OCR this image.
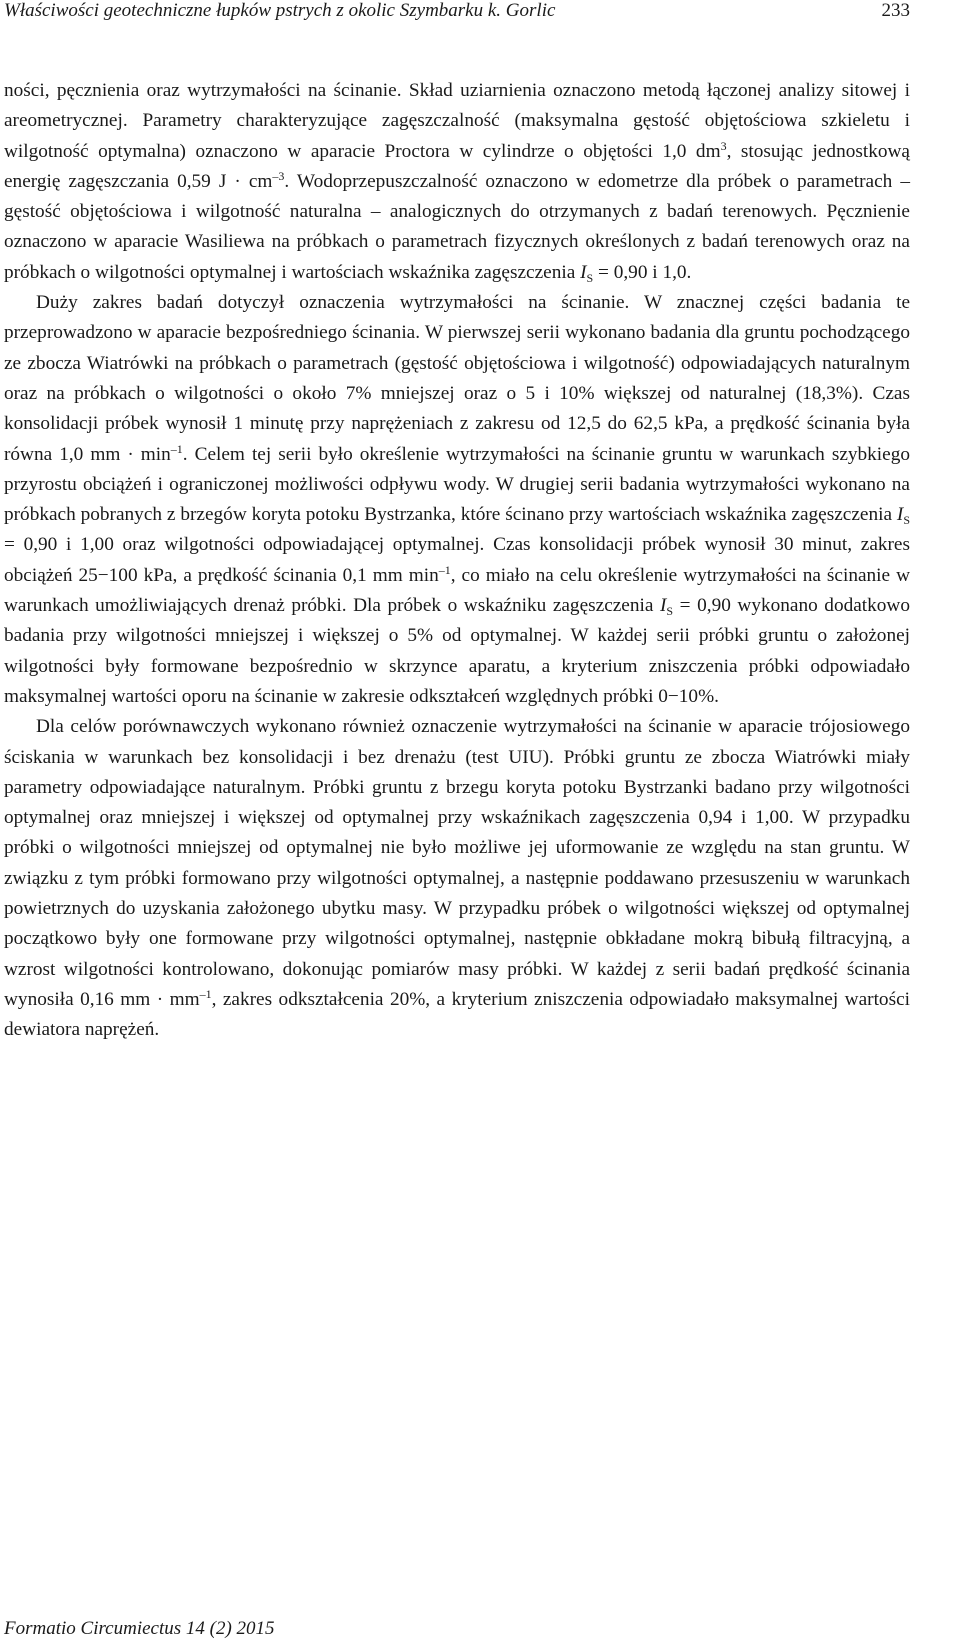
Właściwości geotechniczne łupków pstrych z okolic Szymbarku k. Gorlic	233

ności, pęcznienia oraz wytrzymałości na ścinanie. Skład uziarnienia oznaczono metodą łączonej analizy sitowej i areometrycznej. Parametry charakteryzujące zagęszczalność (maksymalna gęstość objętościowa szkieletu i wilgotność optymalna) oznaczono w aparacie Proctora w cylindrze o objętości 1,0 $dm^3$, stosując jednostkową energię zagęszczania 0,59 $J \cdot cm^{-3}$. Wodoprzepuszczalność oznaczono w edometrze dla próbek o parametrach – gęstość objętościowa i wilgotność naturalna – analogicznych do otrzymanych z badań terenowych. Pęcznienie oznaczono w aparacie Wasiliewa na próbkach o parametrach fizycznych określonych z badań terenowych oraz na próbkach o wilgotności optymalnej i wartościach wskaźnika zagęszczenia $I_S = 0,90$ i 1,0.

Duży zakres badań dotyczył oznaczenia wytrzymałości na ścinanie. W znacznej części badania te przeprowadzono w aparacie bezpośredniego ścinania. W pierwszej serii wykonano badania dla gruntu pochodzącego ze zbocza Wiatrówki na próbkach o parametrach (gęstość objętościowa i wilgotność) odpowiadających naturalnym oraz na próbkach o wilgotności o około 7% mniejszej oraz o 5 i 10% większej od naturalnej (18,3%). Czas konsolidacji próbek wynosił 1 minutę przy naprężeniach z zakresu od 12,5 do 62,5 kPa, a prędkość ścinania była równa 1,0 mm · $\min^{-1}$. Celem tej serii było określenie wytrzymałości na ścinanie gruntu w warunkach szybkiego przyrostu obciążeń i ograniczonej możliwości odpływu wody. W drugiej serii badania wytrzymałości wykonano na próbkach pobranych z brzegów koryta potoku Bystrzanka, które ścinano przy wartościach wskaźnika zagęszczenia $I_S = 0,90$ i 1,00 oraz wilgotności odpowiadającej optymalnej. Czas konsolidacji próbek wynosił 30 minut, zakres obciążeń 25−100 kPa, a prędkość ścinania 0,1 mm $\min^{-1}$, co miało na celu określenie wytrzymałości na ścinanie w warunkach umożliwiających drenaż próbki. Dla próbek o wskaźniku zagęszczenia $I_S = 0,90$ wykonano dodatkowo badania przy wilgotności mniejszej i większej o 5% od optymalnej. W każdej serii próbki gruntu o założonej wilgotności były formowane bezpośrednio w skrzynce aparatu, a kryterium zniszczenia próbki odpowiadało maksymalnej wartości oporu na ścinanie w zakresie odkształceń względnych próbki 0−10%.

Dla celów porównawczych wykonano również oznaczenie wytrzymałości na ścinanie w aparacie trójosiowego ściskania w warunkach bez konsolidacji i bez drenażu (test UIU). Próbki gruntu ze zbocza Wiatrówki miały parametry odpowiadające naturalnym. Próbki gruntu z brzegu koryta potoku Bystrzanki badano przy wilgotności optymalnej oraz mniejszej i większej od optymalnej przy wskaźnikach zagęszczenia 0,94 i 1,00. W przypadku próbki o wilgotności mniejszej od optymalnej nie było możliwe jej uformowanie ze względu na stan gruntu. W związku z tym próbki formowano przy wilgotności optymalnej, a następnie poddawano przesuszeniu w warunkach powietrznych do uzyskania założonego ubytku masy. W przypadku próbek o wilgotności większej od optymalnej początkowo były one formowane przy wilgotności optymalnej, następnie obkładane mokrą bibułą filtracyjną, a wzrost wilgotności kontrolowano, dokonując pomiarów masy próbki. W każdej z serii badań prędkość ścinania wynosiła 0,16 mm · $mm^{-1}$, zakres odkształcenia 20%, a kryterium zniszczenia odpowiadało maksymalnej wartości dewiatora naprężeń.

Formatio Circumiectus 14 (2) 2015
